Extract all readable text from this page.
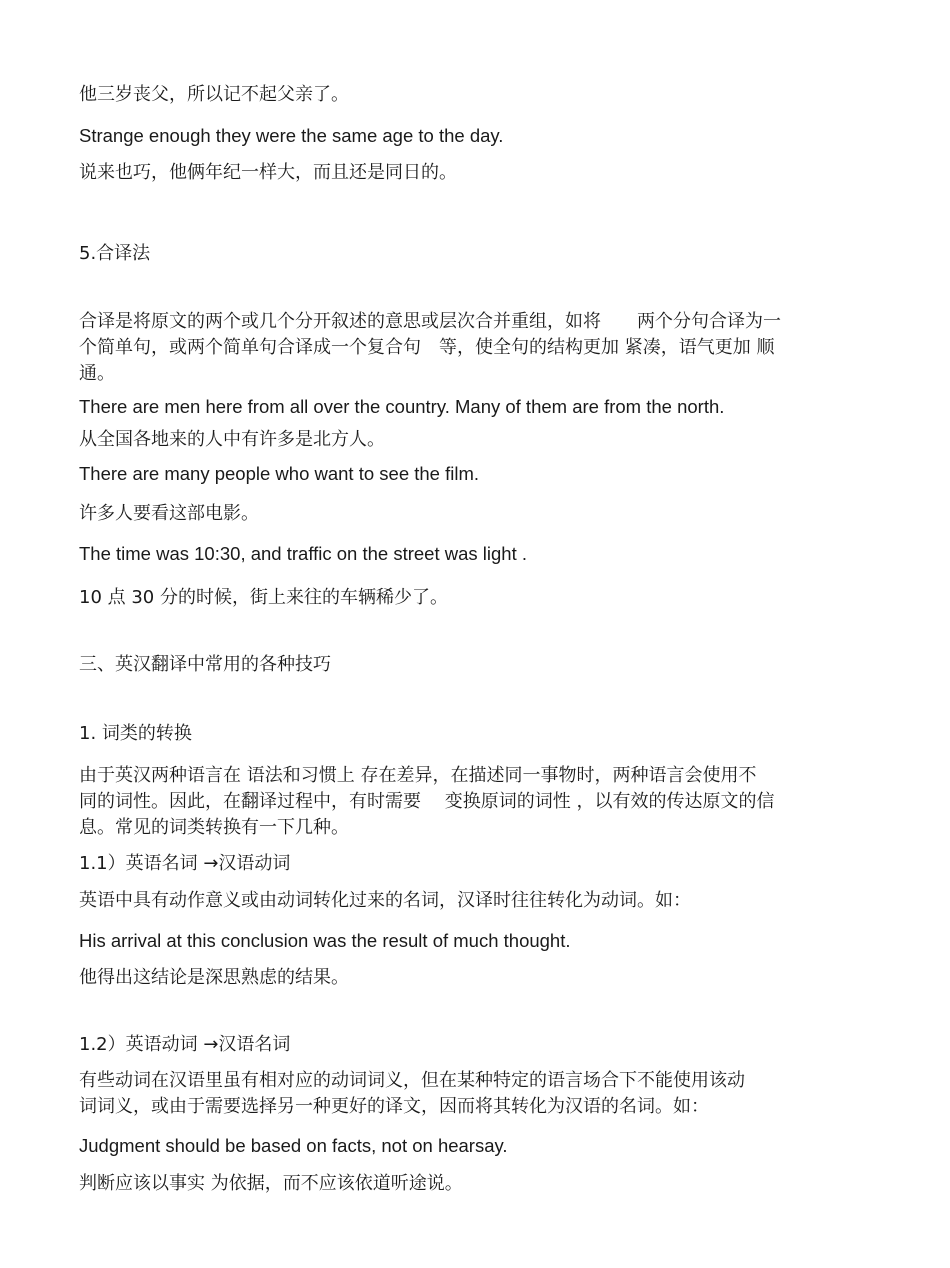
他三岁丧父，所以记不起父亲了。
Strange enough they were the same age to the day.
说来也巧，他俩年纪一样大，而且还是同日的。
5.合译法
合译是将原文的两个或几个分开叙述的意思或层次合并重组，如将　　两个分句合译为一
个简单句，或两个简单句合译成一个复合句　等，使全句的结构更加 紧凑，语气更加 顺
通。
There are men here from all over the country. Many of them are from the north.
从全国各地来的人中有许多是北方人。
There are many people who want to see the film.
许多人要看这部电影。
The time was 10:30, and traffic on the street was light .
10 点 30 分的时候，街上来往的车辆稀少了。
三、英汉翻译中常用的各种技巧
1. 词类的转换
由于英汉两种语言在 语法和习惯上 存在差异，在描述同一事物时，两种语言会使用不
同的词性。因此，在翻译过程中，有时需要　 变换原词的词性 ，以有效的传达原文的信
息。常见的词类转换有一下几种。
1.1）英语名词 →汉语动词
英语中具有动作意义或由动词转化过来的名词，汉译时往往转化为动词。如：
His arrival at this conclusion was the result of much thought.
他得出这结论是深思熟虑的结果。
1.2）英语动词 →汉语名词
有些动词在汉语里虽有相对应的动词词义，但在某种特定的语言场合下不能使用该动
词词义，或由于需要选择另一种更好的译文，因而将其转化为汉语的名词。如：
Judgment should be based on facts, not on hearsay.
判断应该以事实 为依据，而不应该依道听途说。
